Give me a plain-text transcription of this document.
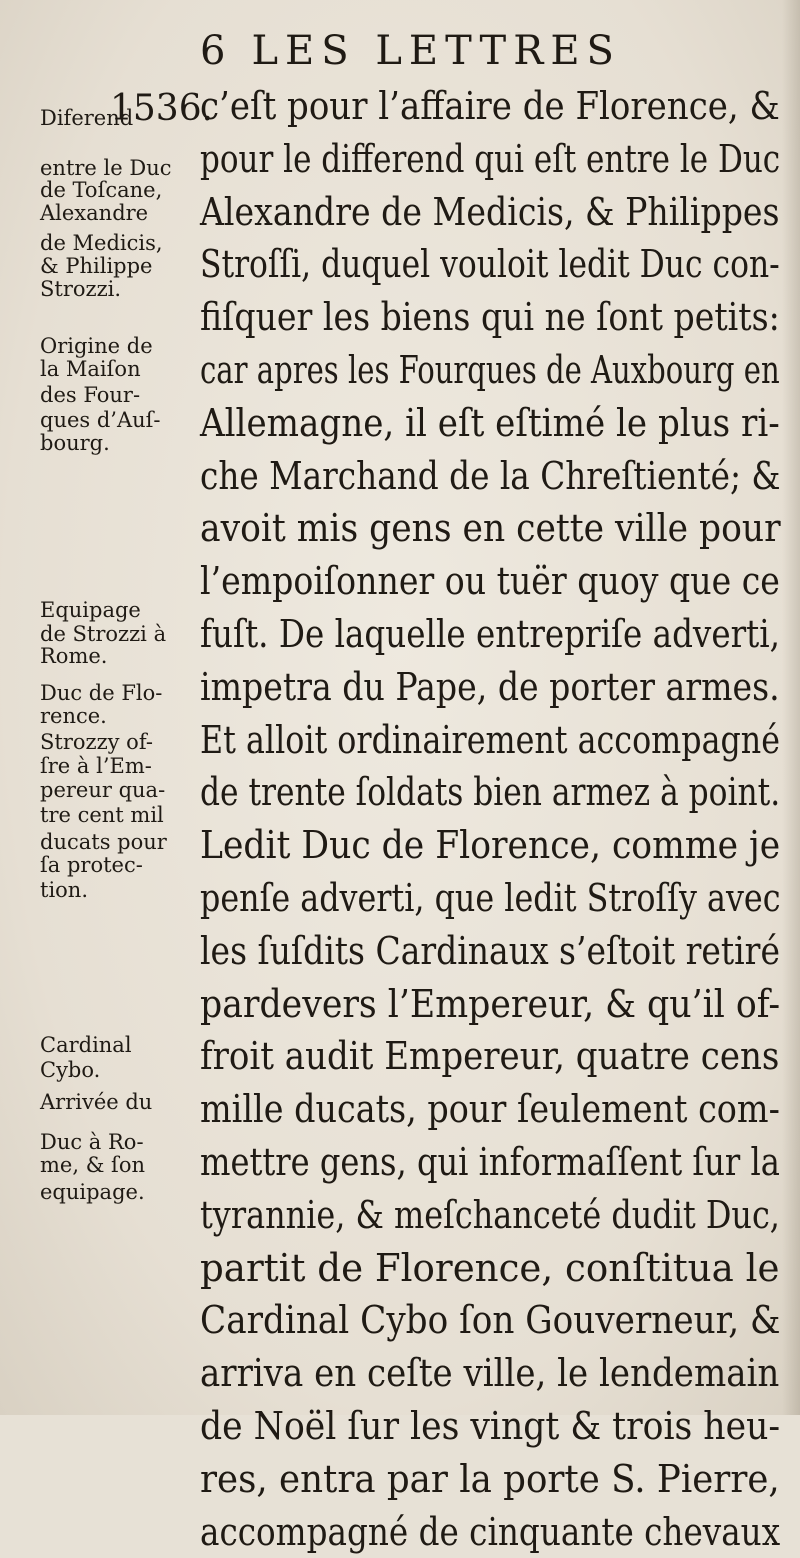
6 LES LETTRES
1536.
Diferend
entre le Duc
de Toſcane,
Alexandre
de Medicis,
& Philippe
Strozzi.
Origine de
la Maiſon
des Four-
ques d’Auſ-
bourg.
Equipage
de Strozzi à
Rome.
Duc de Flo-
rence.
Strozzy of-
ſre à l’Em-
pereur qua-
tre cent mil
ducats pour
ſa protec-
tion.
Cardinal
Cybo.
Arrivée du
Duc à Ro-
me, & ſon
equipage.
c’eſt pour l’affaire de Florence, &
pour le differend qui eſt entre le Duc
Alexandre de Medicis, & Philippes
Stroſſi, duquel vouloit ledit Duc con-
fiſquer les biens qui ne ſont petits:
car apres les Fourques de Auxbourg en
Allemagne, il eſt eſtimé le plus ri-
che Marchand de la Chreſtienté; &
avoit mis gens en cette ville pour
l’empoiſonner ou tuër quoy que ce
fuſt. De laquelle entrepriſe adverti,
impetra du Pape, de porter armes.
Et alloit ordinairement accompagné
de trente ſoldats bien armez à point.
Ledit Duc de Florence, comme je
penſe adverti, que ledit Stroſſy avec
les ſuſdits Cardinaux s’eſtoit retiré
pardevers l’Empereur, & qu’il of-
froit audit Empereur, quatre cens
mille ducats, pour ſeulement com-
mettre gens, qui informaſſent ſur la
tyrannie, & meſchanceté dudit Duc,
partit de Florence, conſtitua le
Cardinal Cybo ſon Gouverneur, &
arriva en ceſte ville, le lendemain
de Noël ſur les vingt & trois heu-
res, entra par la porte S. Pierre,
accompagné de cinquante chevaux
